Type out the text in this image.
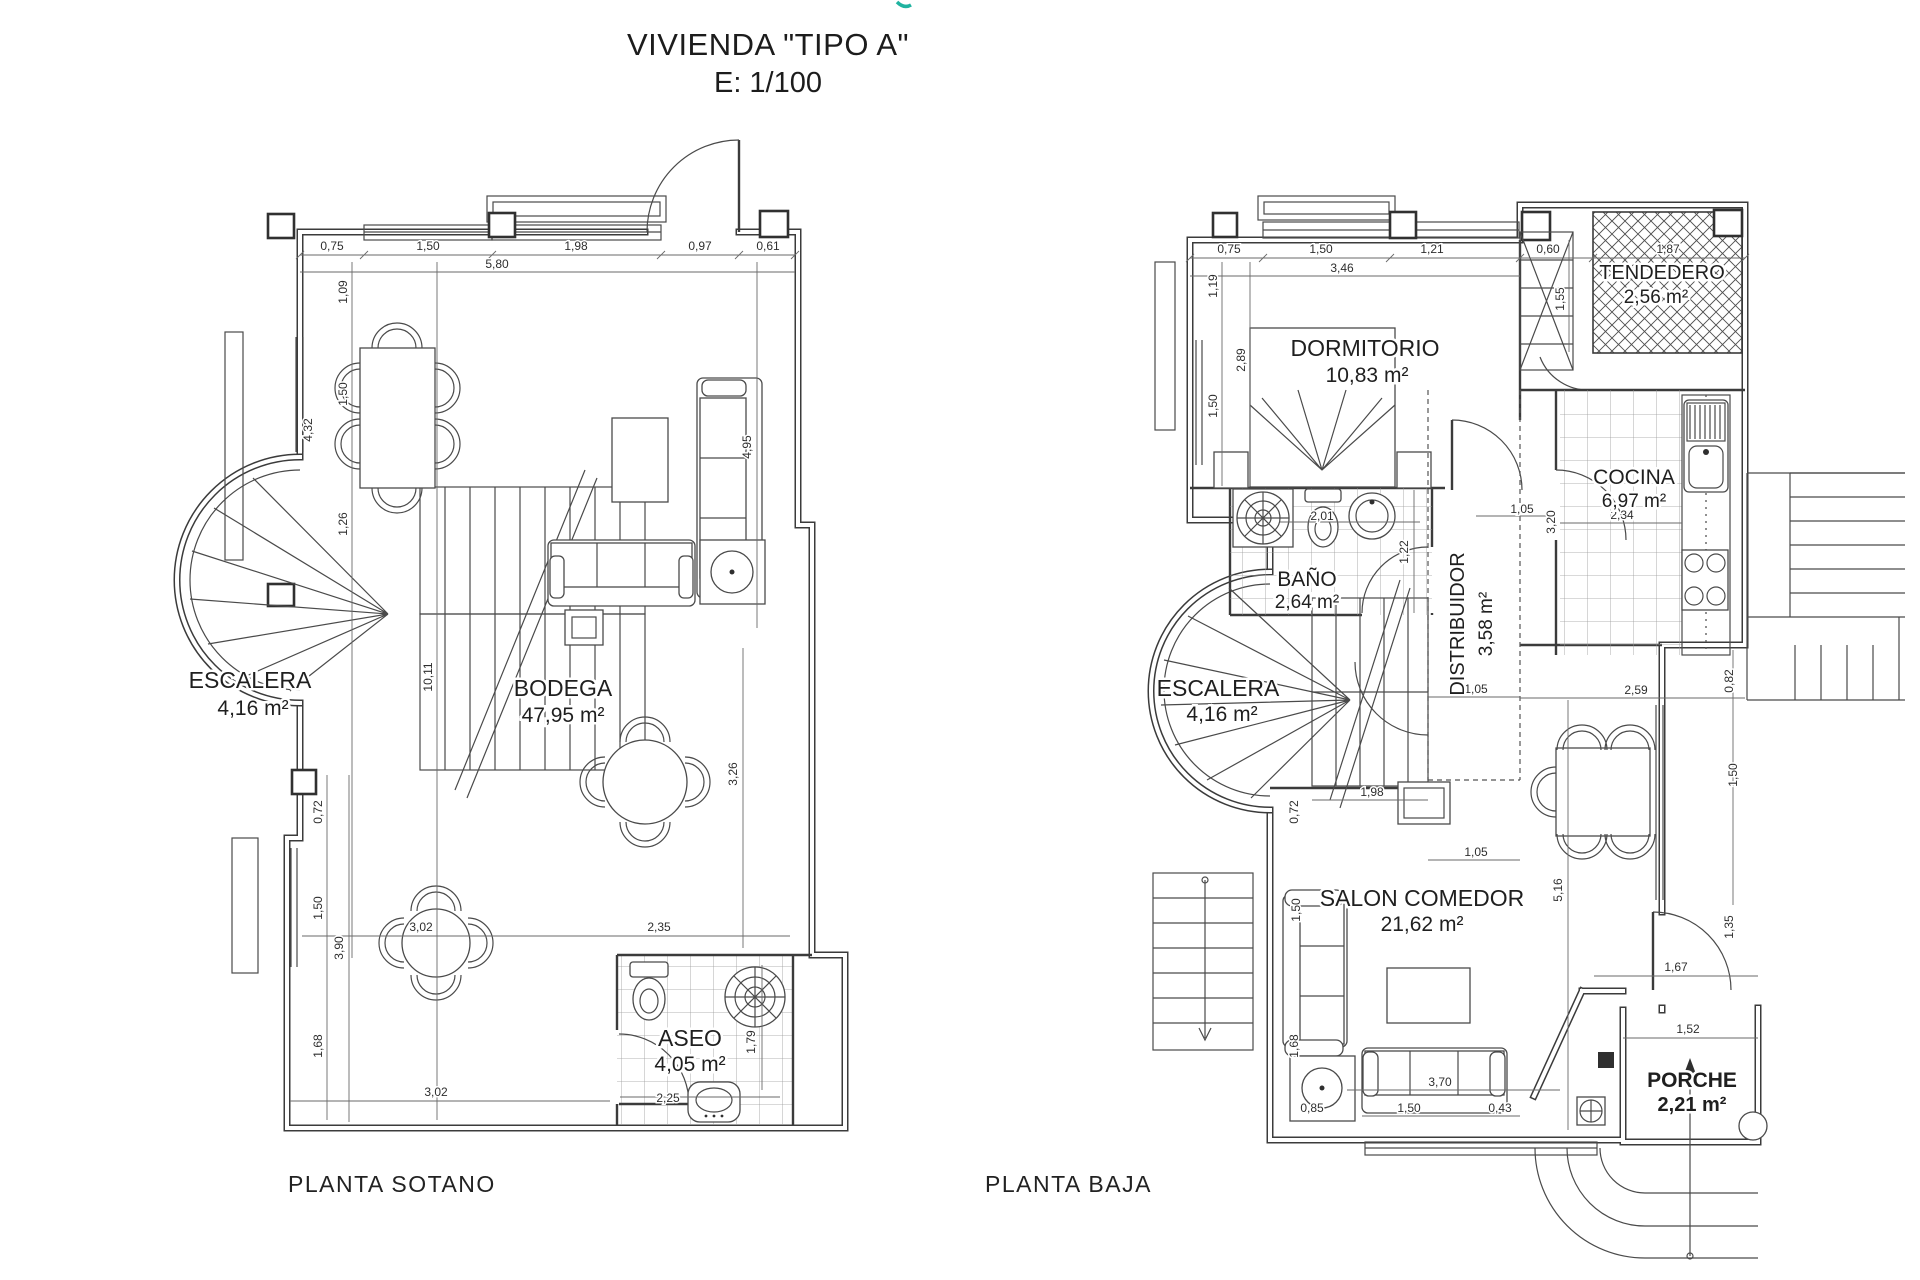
VIVIENDA "TIPO A"
E: 1/100
0,75	1,50	1,98	0,97	0,61
5,80
1,09
1,50
1,26
4,32
10,11
4,95
3,26
0,72
1,50
3,90
1,68
3,02	2,35
3,02	2,25
1,79
ESCALERA
4,16 m²
BODEGA
47,95 m²
ASEO
4,05 m²
PLANTA SOTANO
0,75	1,50	1,21	0,60	1,87
3,46
1,19
2,89
1,50
1,55
2,01
1,22
1,05
3,20	2,34
1,05	2,59
1,05
1,98
0,72
5,16
1,50
1,68
3,70
0,85	1,50	0,43
1,67
1,52
0,82
1,50
1,35
DORMITORIO
10,83 m²
TENDEDERO
2,56 m²
COCINA
6,97 m²
BAÑO
2,64 m²	DISTRIBUIDOR 3,58 m²
ESCALERA
4,16 m²
SALON COMEDOR
21,62 m²
PORCHE
2,21 m²
PLANTA BAJA
